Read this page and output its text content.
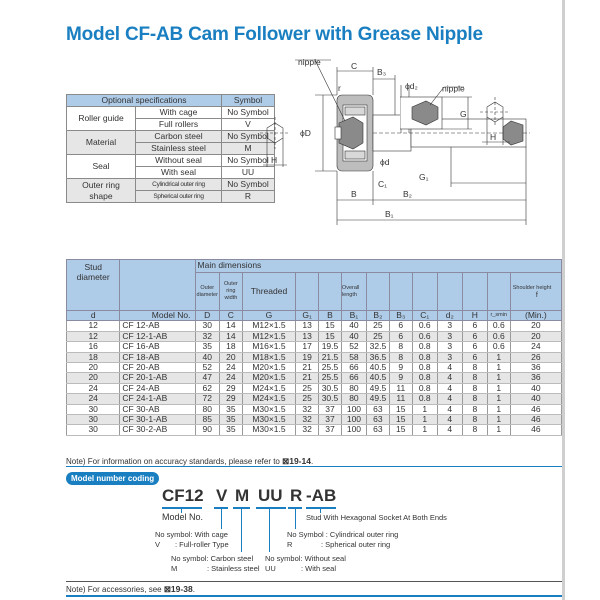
Model CF-AB Cam Follower with Grease Nipple
Optional specifications		Symbol
Roller guide	With cage	No Symbol
	Full rollers	V
Material	Carbon steel	No Symbol
	Stainless steel	M
Seal	Without seal	No Symbol
	With seal	UU

Outer ring
shape	Cylindrical outer ring	No Symbol
	Spherical outer ring	R
nipple	C
B₃
ϕd₂
r
ϕD
ϕd
C₁
G₁
B	B₂
B₁
H
nipple
G
H
Stud diameter		Main dimensions												
		Outer diameter	Outer ring width	Threaded			Overall length							Shoulder height
f

d	Model No.	D	C	G	G₁	B	B₁	B₂	B₃	C₁	d₂	H	r_smin	(Min.)
12	CF 12-AB	30	14	M12×1.5	13	15	40	25	6	0.6	3	6	0.6	20
12	CF 12-1-AB	32	14	M12×1.5	13	15	40	25	6	0.6	3	6	0.6	20
16	CF 16-AB	35	18	M16×1.5	17	19.5	52	32.5	8	0.8	3	6	0.6	24
18	CF 18-AB	40	20	M18×1.5	19	21.5	58	36.5	8	0.8	3	6	1	26
20	CF 20-AB	52	24	M20×1.5	21	25.5	66	40.5	9	0.8	4	8	1	36
20	CF 20-1-AB	47	24	M20×1.5	21	25.5	66	40.5	9	0.8	4	8	1	36
24	CF 24-AB	62	29	M24×1.5	25	30.5	80	49.5	11	0.8	4	8	1	40
24	CF 24-1-AB	72	29	M24×1.5	25	30.5	80	49.5	11	0.8	4	8	1	40
30	CF 30-AB	80	35	M30×1.5	32	37	100	63	15	1	4	8	1	46
30	CF 30-1-AB	85	35	M30×1.5	32	37	100	63	15	1	4	8	1	46
30	CF 30-2-AB	90	35	M30×1.5	32	37	100	63	15	1	4	8	1	46
Note) For information on accuracy standards, please refer to ⊠19-14.
Model number coding
CF12 V M UU R -AB
Model No.	Stud With Hexagonal Socket At Both Ends
No symbol: With cage
V : Full-roller Type
No Symbol : Cylindrical outer ring
R	: Spherical outer ring
No symbol: Carbon steel
M	: Stainless steel
No symbol: Without seal
UU	: With seal
Note) For accessories, see ⊠19-38.
